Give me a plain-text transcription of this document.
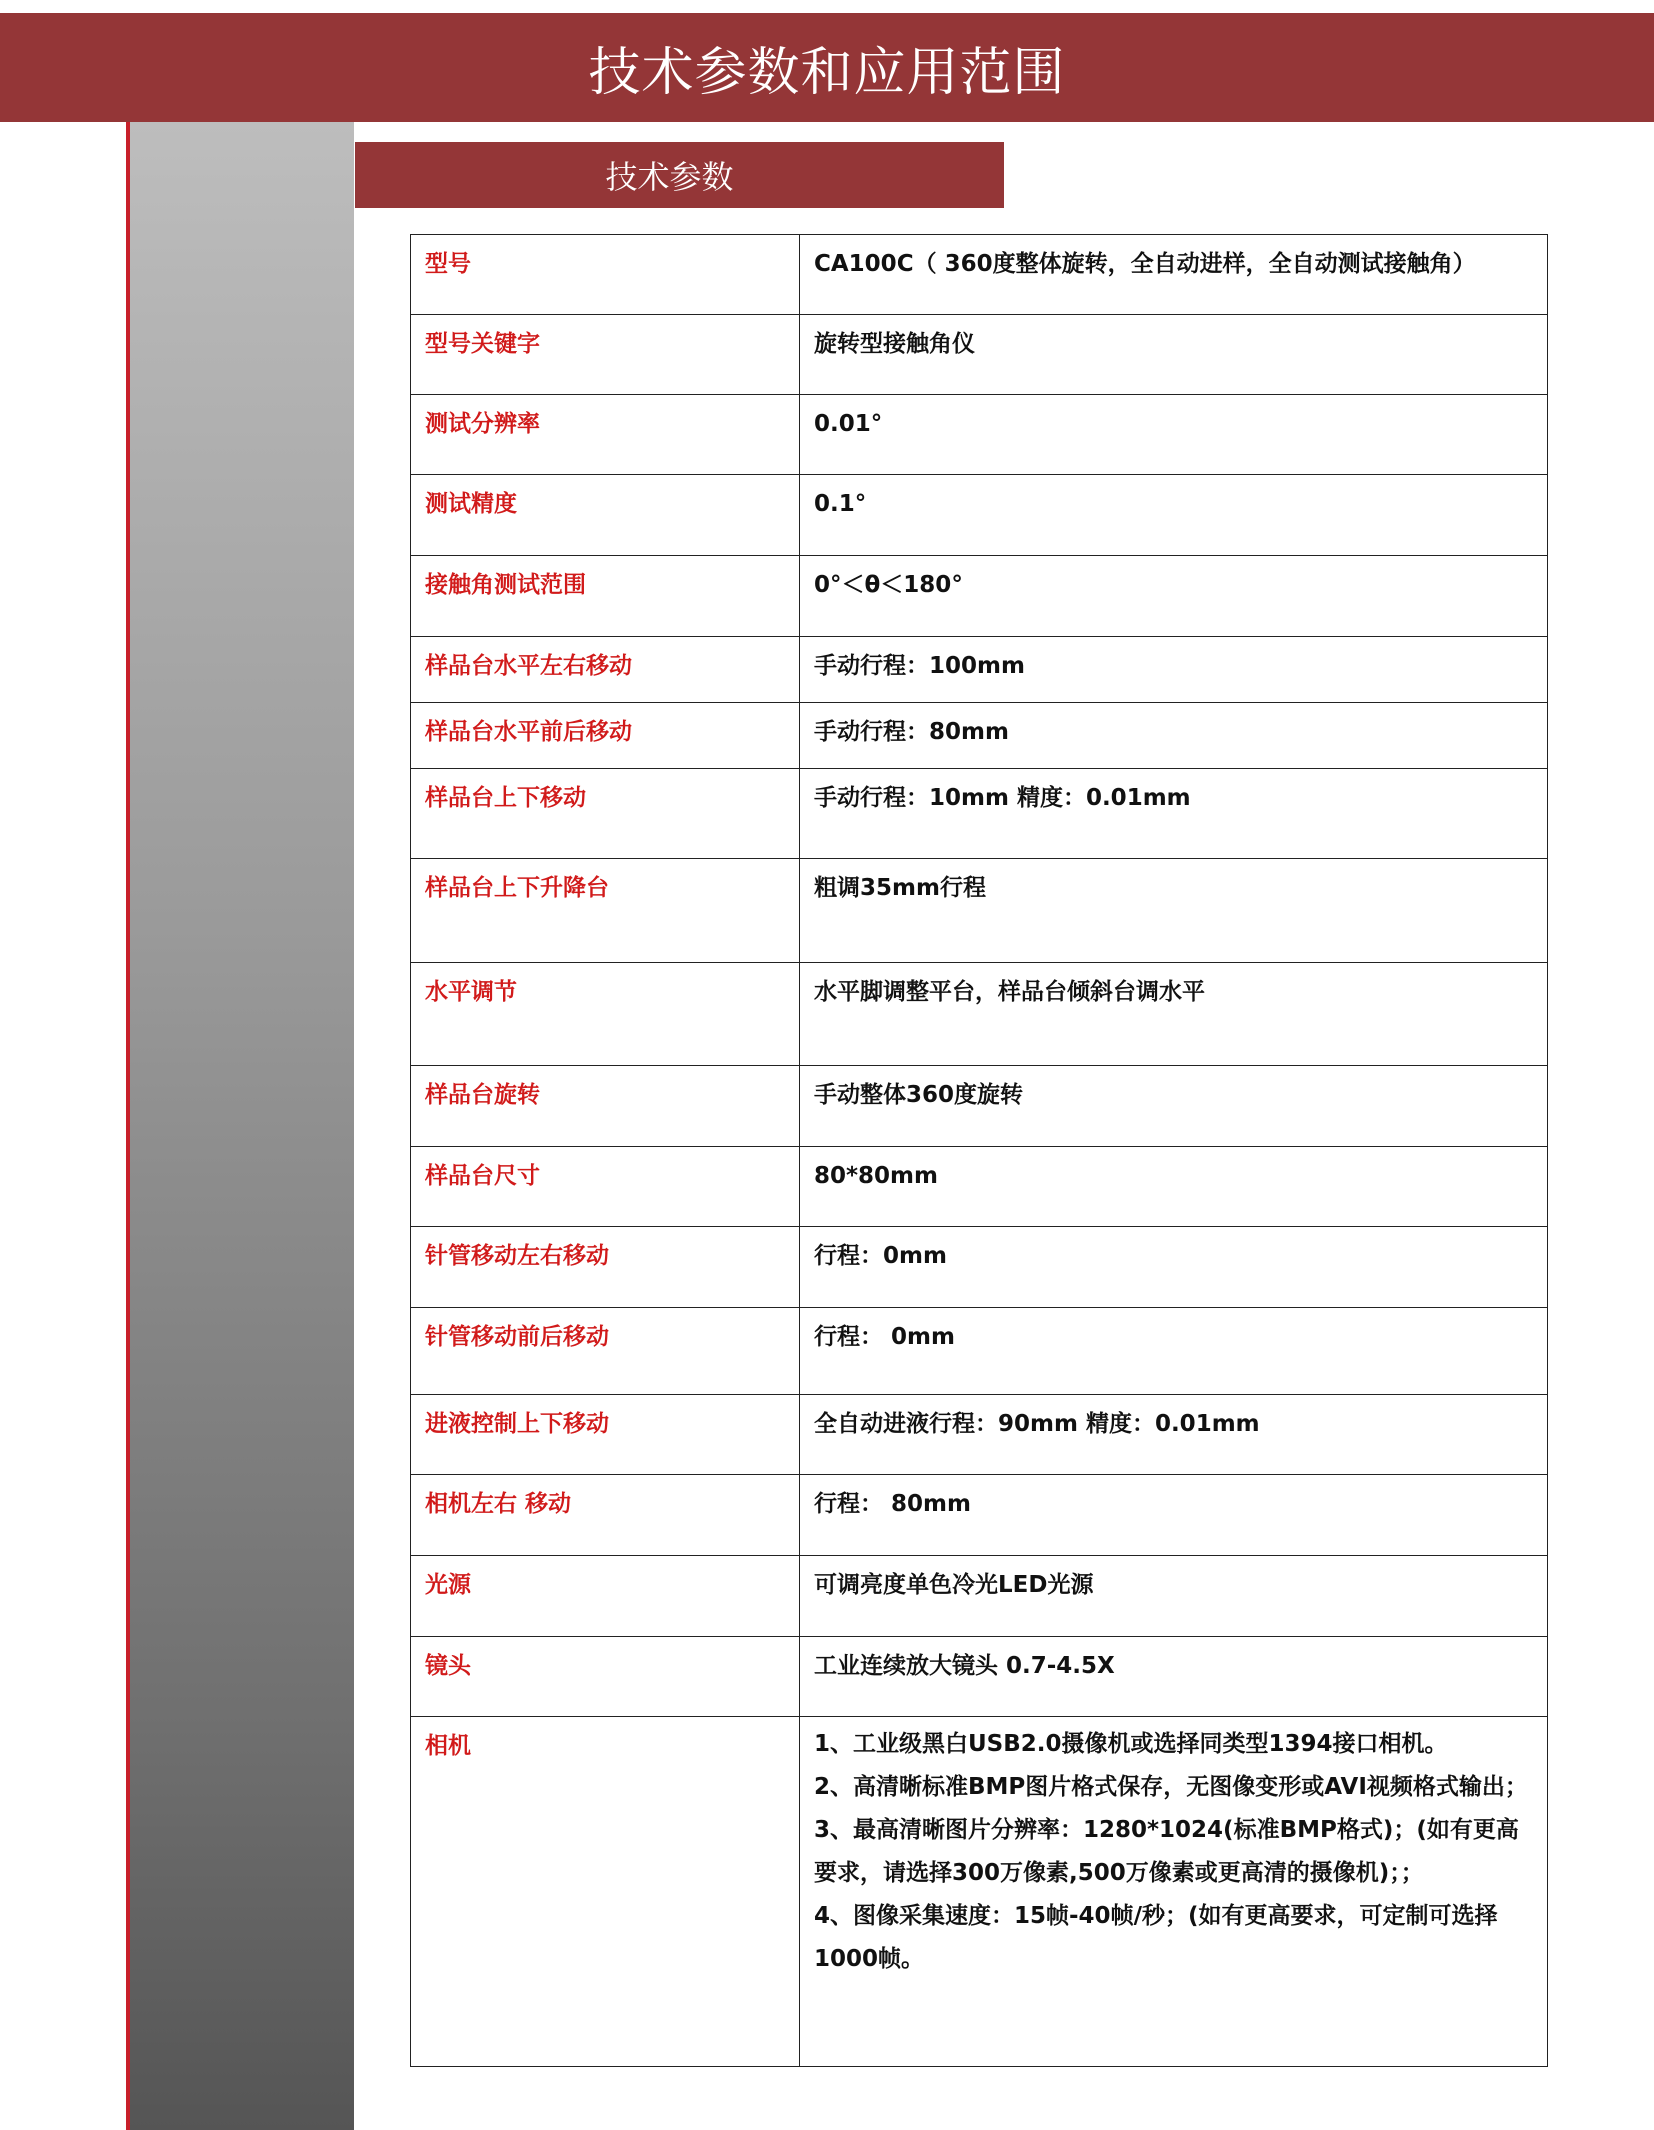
技术参数和应用范围
技术参数
型号	CA100C（ 360度整体旋转，全自动进样，全自动测试接触角）
型号关键字	旋转型接触角仪
测试分辨率	0.01°
测试精度	0.1°
接触角测试范围	0°＜θ＜180°
样品台水平左右移动	手动行程：100mm
样品台水平前后移动	手动行程：80mm
样品台上下移动	手动行程：10mm 精度：0.01mm
样品台上下升降台	粗调35mm行程
水平调节	水平脚调整平台，样品台倾斜台调水平
样品台旋转	手动整体360度旋转
样品台尺寸	80*80mm
针管移动左右移动	行程：0mm
针管移动前后移动	行程： 0mm
进液控制上下移动	全自动进液行程：90mm 精度：0.01mm
相机左右 移动	行程： 80mm
光源	可调亮度单色冷光LED光源
镜头	工业连续放大镜头 0.7-4.5X
相机	1、工业级黑白USB2.0摄像机或选择同类型1394接口相机。
2、高清晰标准BMP图片格式保存，无图像变形或AVI视频格式输出；
3、最高清晰图片分辨率：1280*1024(标准BMP格式)；(如有更高要求，请选择300万像素,500万像素或更高清的摄像机)；；
4、图像采集速度：15帧-40帧/秒；(如有更高要求，可定制可选择1000帧。
